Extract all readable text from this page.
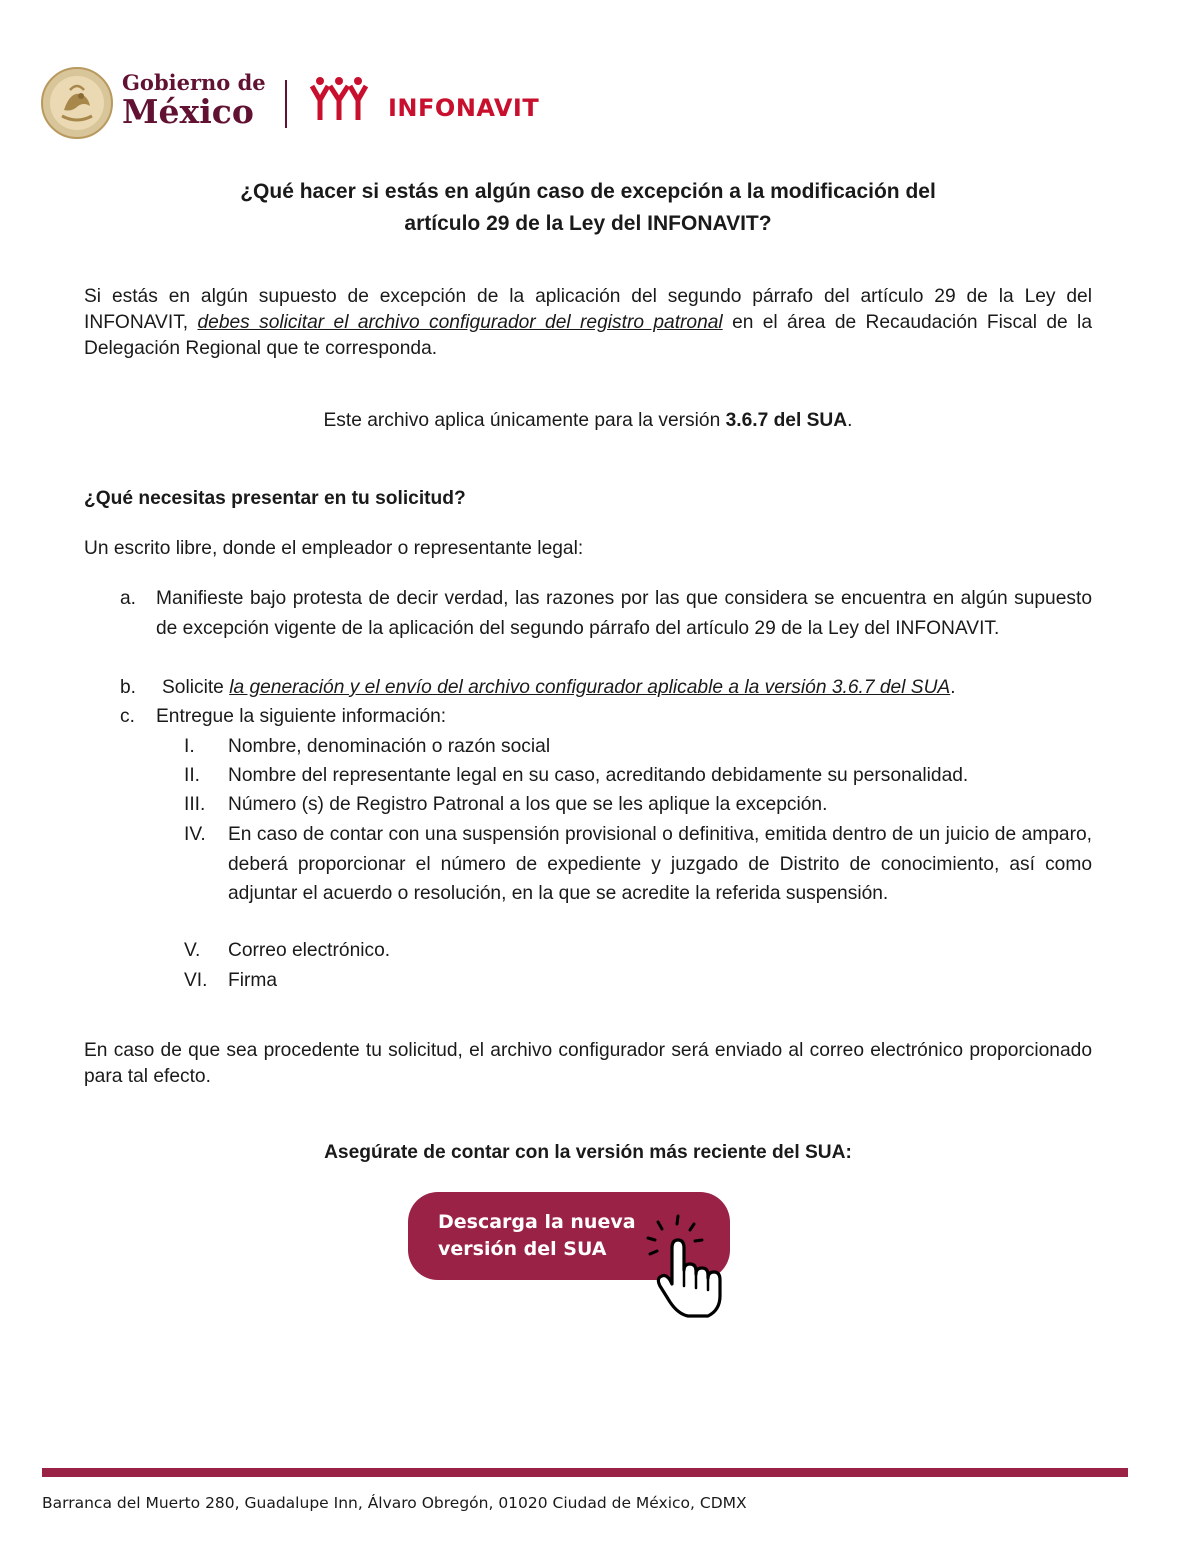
Gobierno de
México	INFONAVIT
¿Qué hacer si estás en algún caso de excepción a la modificación del
artículo 29 de la Ley del INFONAVIT?
Si estás en algún supuesto de excepción de la aplicación del segundo párrafo del artículo 29 de la Ley del INFONAVIT, debes solicitar el archivo configurador del registro patronal en el área de Recaudación Fiscal de la Delegación Regional que te corresponda.
Este archivo aplica únicamente para la versión 3.6.7 del SUA.
¿Qué necesitas presentar en tu solicitud?
Un escrito libre, donde el empleador o representante legal:
a. Manifieste bajo protesta de decir verdad, las razones por las que considera se encuentra en algún supuesto de excepción vigente de la aplicación del segundo párrafo del artículo 29 de la Ley del INFONAVIT.
b. Solicite la generación y el envío del archivo configurador aplicable a la versión 3.6.7 del SUA.
c. Entregue la siguiente información:
I. Nombre, denominación o razón social
II. Nombre del representante legal en su caso, acreditando debidamente su personalidad.
III. Número (s) de Registro Patronal a los que se les aplique la excepción.
IV. En caso de contar con una suspensión provisional o definitiva, emitida dentro de un juicio de amparo, deberá proporcionar el número de expediente y juzgado de Distrito de conocimiento, así como adjuntar el acuerdo o resolución, en la que se acredite la referida suspensión.
V. Correo electrónico.
VI. Firma
En caso de que sea procedente tu solicitud, el archivo configurador será enviado al correo electrónico proporcionado para tal efecto.
Asegúrate de contar con la versión más reciente del SUA:
Descarga la nueva
versión del SUA
Barranca del Muerto 280, Guadalupe Inn, Álvaro Obregón, 01020 Ciudad de México, CDMX
